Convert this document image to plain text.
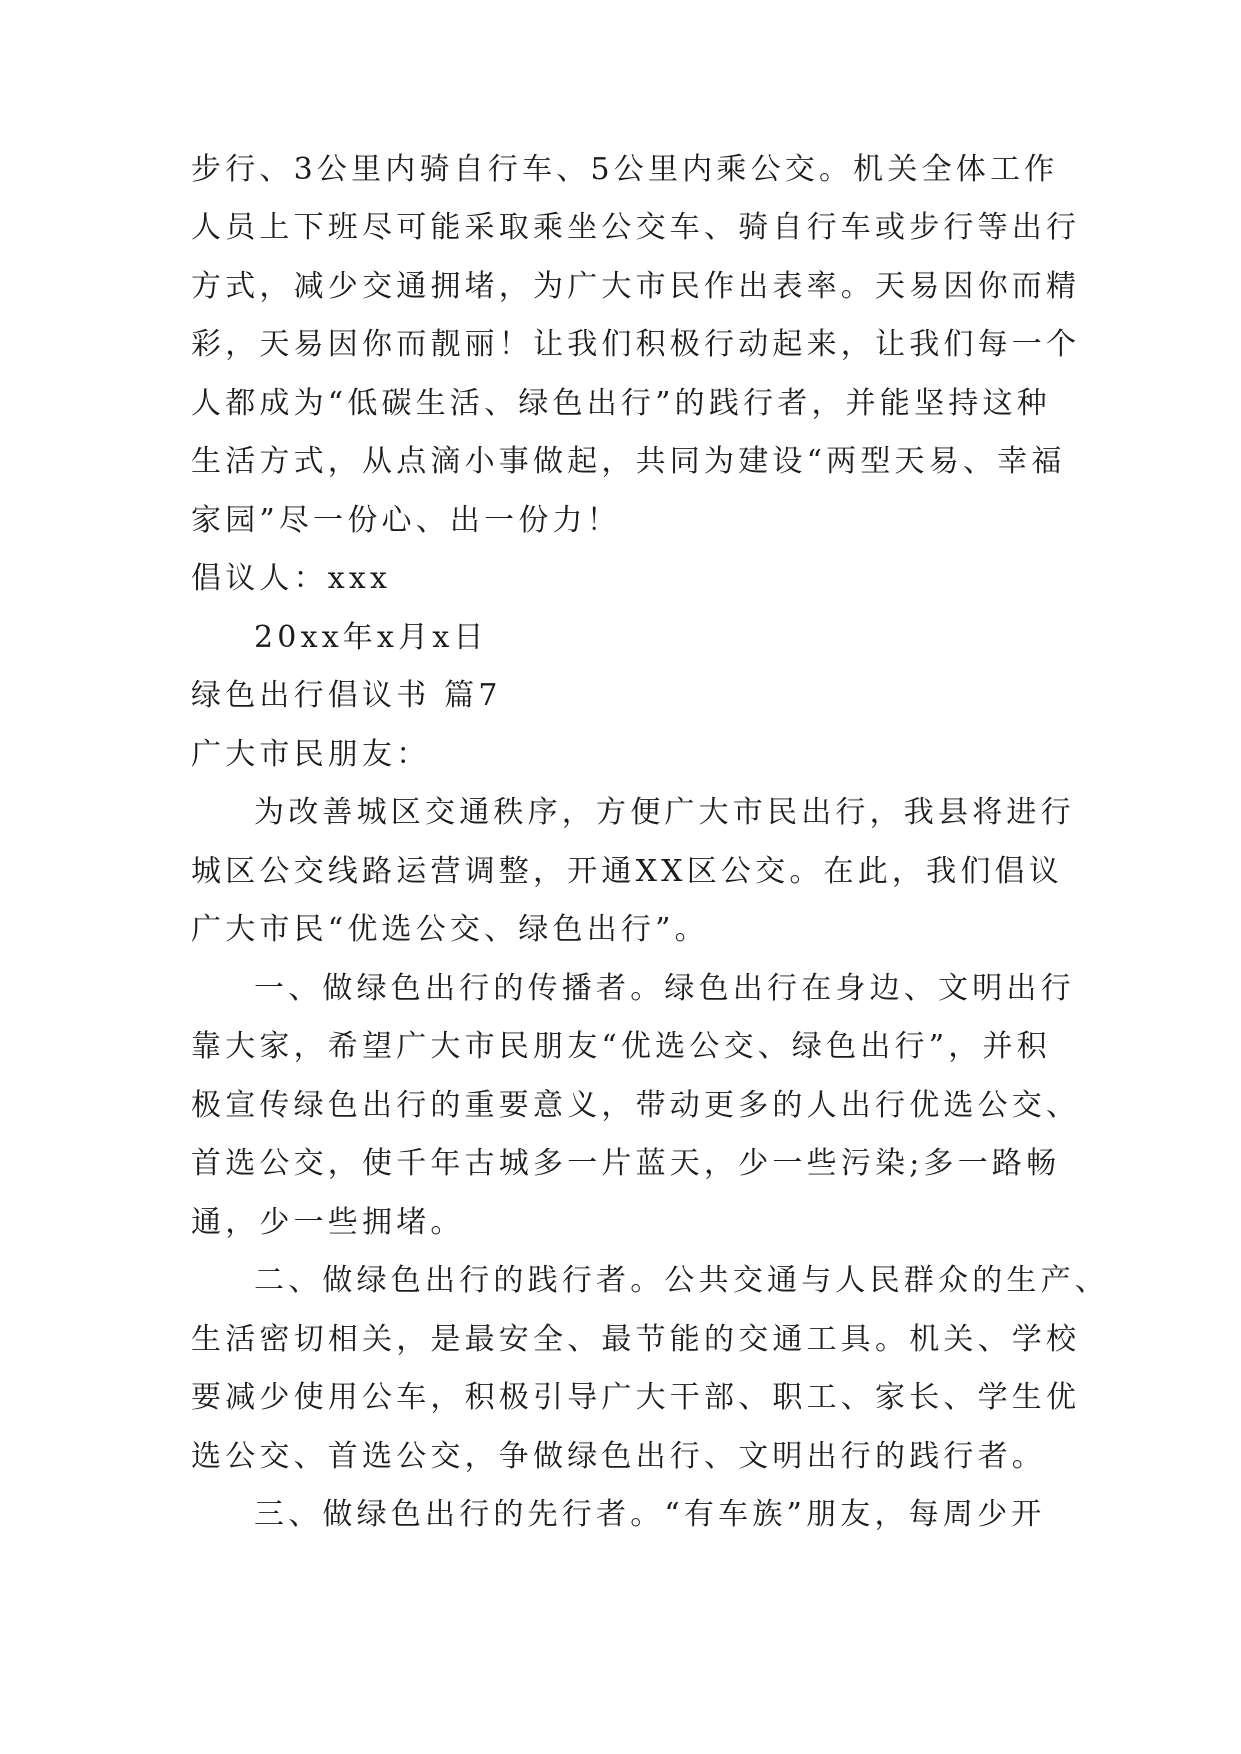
步行、3公里内骑自行车、5公里内乘公交。机关全体工作

人员上下班尽可能采取乘坐公交车、骑自行车或步行等出行

方式，减少交通拥堵，为广大市民作出表率。天易因你而精

彩，天易因你而靓丽！让我们积极行动起来，让我们每一个

人都成为“低碳生活、绿色出行”的践行者，并能坚持这种

生活方式，从点滴小事做起，共同为建设“两型天易、幸福

家园”尽一份心、出一份力！

倡议人：xxx

20xx年x月x日

绿色出行倡议书 篇7

广大市民朋友：

为改善城区交通秩序，方便广大市民出行，我县将进行

城区公交线路运营调整，开通XX区公交。在此，我们倡议

广大市民“优选公交、绿色出行”。

一、做绿色出行的传播者。绿色出行在身边、文明出行

靠大家，希望广大市民朋友“优选公交、绿色出行”，并积

极宣传绿色出行的重要意义，带动更多的人出行优选公交、

首选公交，使千年古城多一片蓝天，少一些污染;多一路畅

通，少一些拥堵。

二、做绿色出行的践行者。公共交通与人民群众的生产、

生活密切相关，是最安全、最节能的交通工具。机关、学校

要减少使用公车，积极引导广大干部、职工、家长、学生优

选公交、首选公交，争做绿色出行、文明出行的践行者。

三、做绿色出行的先行者。“有车族”朋友，每周少开
